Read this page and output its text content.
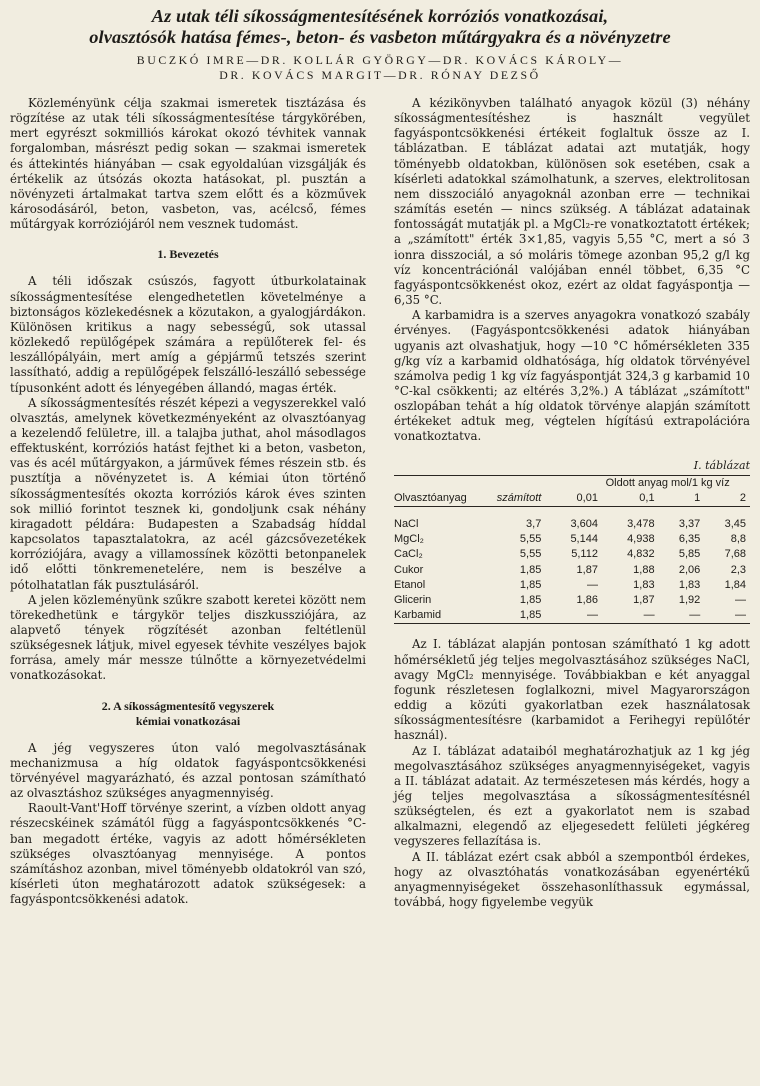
Az utak téli síkosságmentesítésének korróziós vonatkozásai,
olvasztósók hatása fémes-, beton- és vasbeton műtárgyakra és a növényzetre
BUCZKÓ IMRE—DR. KOLLÁR GYÖRGY—DR. KOVÁCS KÁROLY—
DR. KOVÁCS MARGIT—DR. RÓNAY DEZSŐ

Közleményünk célja szakmai ismeretek tisztázása és rögzítése az utak téli síkosságmentesítése tárgykörében, mert egyrészt sokmilliós károkat okozó tévhitek vannak forgalomban, másrészt pedig sokan — szakmai ismeretek és áttekintés hiányában — csak egyoldalúan vizsgálják és értékelik az útsózás okozta hatásokat, pl. pusztán a növényzeti ártalmakat tartva szem előtt és a közművek károsodásáról, beton, vasbeton, vas, acélcső, fémes műtárgyak korróziójáról nem vesznek tudomást.

1. Bevezetés

A téli időszak csúszós, fagyott útburkolatainak síkosságmentesítése elengedhetetlen követelménye a biztonságos közlekedésnek a közutakon, a gyalogjárdákon. Különösen kritikus a nagy sebességű, sok utassal közlekedő repülőgépek számára a repülőterek fel- és leszállópályáin, mert amíg a gépjármű tetszés szerint lassítható, addig a repülőgépek felszálló-leszálló sebessége típusonként adott és lényegében állandó, magas érték.

A síkosságmentesítés részét képezi a vegyszerekkel való olvasztás, amelynek következményeként az olvasztóanyag a kezelendő felületre, ill. a talajba juthat, ahol másodlagos effektusként, korróziós hatást fejthet ki a beton, vasbeton, vas és acél műtárgyakon, a járművek fémes részein stb. és pusztítja a növényzetet is. A kémiai úton történő síkosságmentesítés okozta korróziós károk éves szinten sok millió forintot tesznek ki, gondoljunk csak néhány kiragadott példára: Budapesten a Szabadság híddal kapcsolatos tapasztalatokra, az acél gázcsővezetékek korróziójára, avagy a villamossínek közötti betonpanelek idő előtti tönkremenetelére, nem is beszélve a pótolhatatlan fák pusztulásáról.

A jelen közleményünk szűkre szabott keretei között nem törekedhetünk e tárgykör teljes diszkussziójára, az alapvető tények rögzítését azonban feltétlenül szükségesnek látjuk, mivel egyesek tévhite veszélyes bajok forrása, amely már messze túlnőtte a környezetvédelmi vonatkozásokat.

2. A síkosságmentesítő vegyszerek
kémiai vonatkozásai

A jég vegyszeres úton való megolvasztásának mechanizmusa a híg oldatok fagyáspontcsökkenési törvényével magyarázható, és azzal pontosan számítható az olvasztáshoz szükséges anyagmennyiség.

Raoult-Vant'Hoff törvénye szerint, a vízben oldott anyag részecskéinek számától függ a fagyáspontcsökkenés °C-ban megadott értéke, vagyis az adott hőmérsékleten szükséges olvasztóanyag mennyisége. A pontos számításhoz azonban, mivel töményebb oldatokról van szó, kísérleti úton meghatározott adatok szükségesek: a fagyáspontcsökkenési adatok.

A kézikönyvben található anyagok közül (3) néhány síkosságmentesítéshez is használt vegyület fagyáspontcsökkenési értékeit foglaltuk össze az I. táblázatban. E táblázat adatai azt mutatják, hogy töményebb oldatokban, különösen sok esetében, csak a kísérleti adatokkal számolhatunk, a szerves, elektrolitosan nem disszociáló anyagoknál azonban erre — technikai számítás esetén — nincs szükség. A táblázat adatainak fontosságát mutatják pl. a MgCl₂-re vonatkoztatott értékek; a „számított" érték 3×1,85, vagyis 5,55 °C, mert a só 3 ionra disszociál, a só moláris tömege azonban 95,2 g/l kg víz koncentrációnál valójában ennél többet, 6,35 °C fagyáspontcsökkenést okoz, ezért az oldat fagyáspontja —6,35 °C.

A karbamidra is a szerves anyagokra vonatkozó szabály érvényes. (Fagyáspontcsökkenési adatok hiányában ugyanis azt olvashatjuk, hogy —10 °C hőmérsékleten 335 g/kg víz a karbamid oldhatósága, híg oldatok törvényével számolva pedig 1 kg víz fagyáspontját 324,3 g karbamid 10 °C-kal csökkenti; az eltérés 3,2%.) A táblázat „számított" oszlopában tehát a híg oldatok törvénye alapján számított értékeket adtuk meg, végtelen hígítású extrapolációra vonatkoztatva.

I. táblázat

		Oldott anyag mol/1 kg víz			
Olvasztóanyag	számított	0,01	0,1	1	2

NaCl	3,7	3,604	3,478	3,37	3,45
MgCl₂	5,55	5,144	4,938	6,35	8,8
CaCl₂	5,55	5,112	4,832	5,85	7,68
Cukor	1,85	1,87	1,88	2,06	2,3
Etanol	1,85	—	1,83	1,83	1,84
Glicerin	1,85	1,86	1,87	1,92	—
Karbamid	1,85	—	—	—	—

Az I. táblázat alapján pontosan számítható 1 kg adott hőmérsékletű jég teljes megolvasztásához szükséges NaCl, avagy MgCl₂ mennyisége. Továbbiakban e két anyaggal fogunk részletesen foglalkozni, mivel Magyarországon eddig a közúti gyakorlatban ezek használatosak síkosságmentesítésre (karbamidot a Ferihegyi repülőtér használ).

Az I. táblázat adataiból meghatározhatjuk az 1 kg jég megolvasztásához szükséges anyagmennyiségeket, vagyis a II. táblázat adatait. Az természetesen más kérdés, hogy a jég teljes megolvasztása a síkosságmentesítésnél szükségtelen, és ezt a gyakorlatot nem is szabad alkalmazni, elegendő az eljegesedett felületi jégkéreg vegyszeres fellazítása is.

A II. táblázat ezért csak abból a szempontból érdekes, hogy az olvasztóhatás vonatkozásában egyenértékű anyagmennyiségeket összehasonlíthassuk egymással, továbbá, hogy figyelembe vegyük
